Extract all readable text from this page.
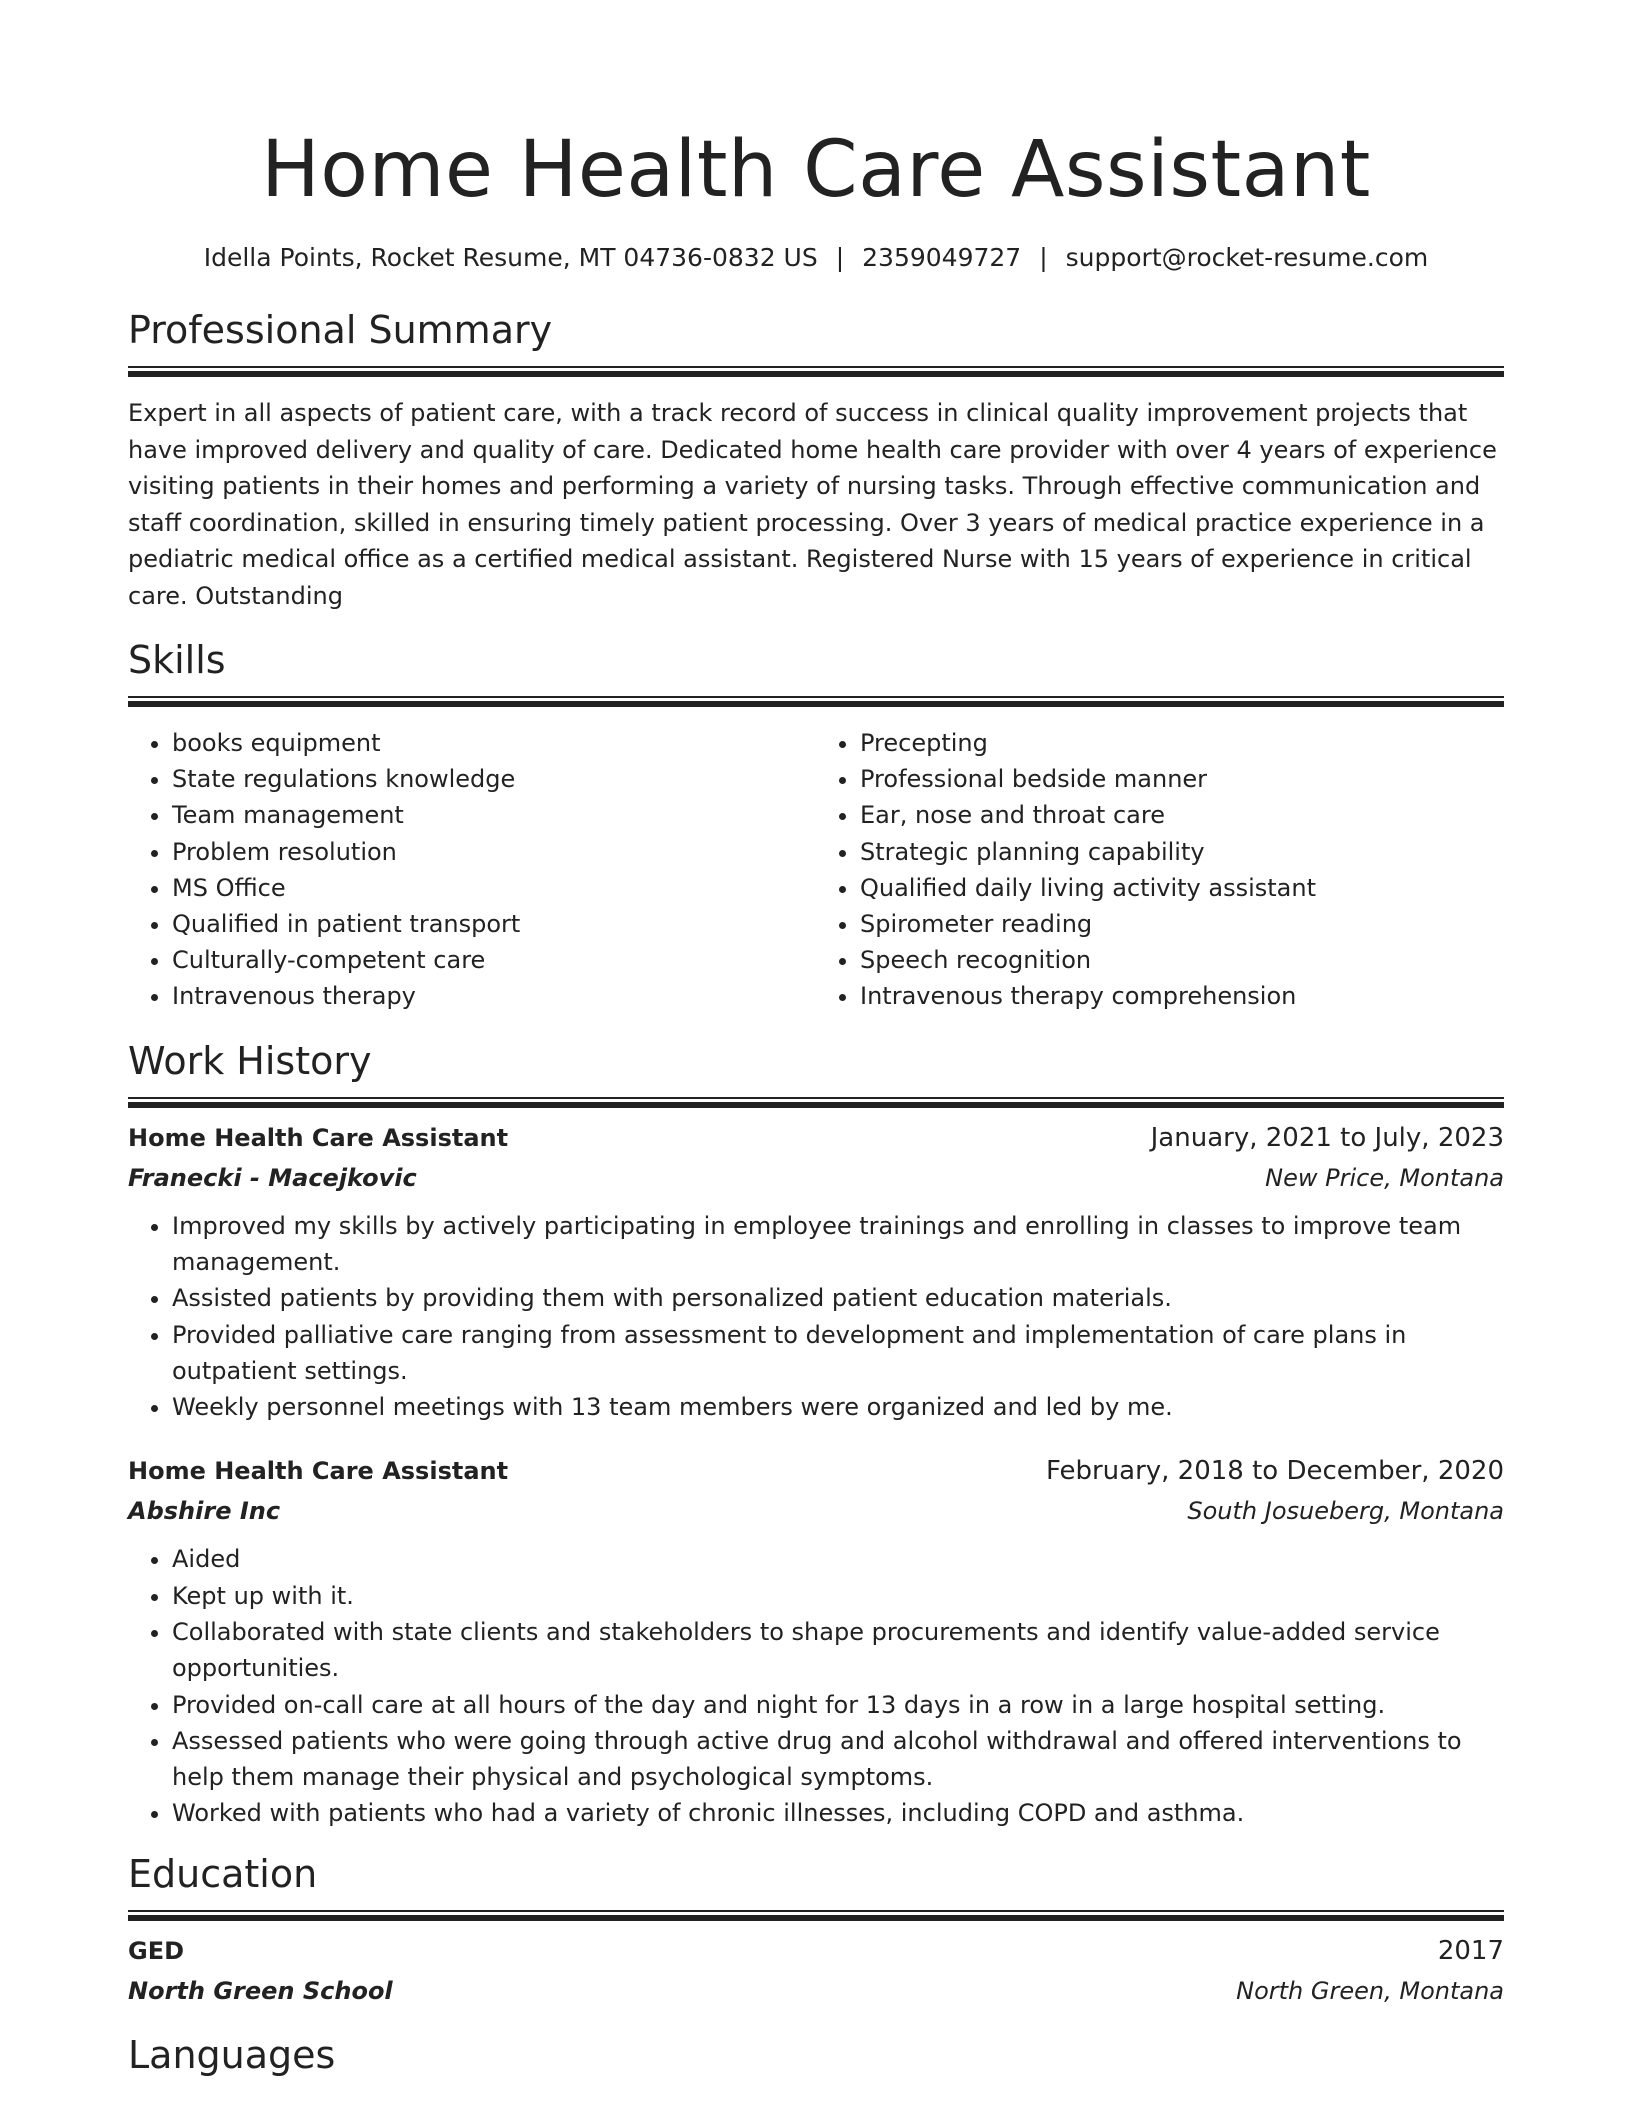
Home Health Care Assistant
Idella Points, Rocket Resume, MT 04736-0832 US | 2359049727 | support@rocket-resume.com
Professional Summary

Expert in all aspects of patient care, with a track record of success in clinical quality improvement projects that have improved delivery and quality of care. Dedicated home health care provider with over 4 years of experience visiting patients in their homes and performing a variety of nursing tasks. Through effective communication and staff coordination, skilled in ensuring timely patient processing. Over 3 years of medical practice experience in a pediatric medical office as a certified medical assistant. Registered Nurse with 15 years of experience in critical care. Outstanding

Skills
• books equipment
• State regulations knowledge
• Team management
• Problem resolution
• MS Office
• Qualified in patient transport
• Culturally-competent care
• Intravenous therapy
• Precepting
• Professional bedside manner
• Ear, nose and throat care
• Strategic planning capability
• Qualified daily living activity assistant
• Spirometer reading
• Speech recognition
• Intravenous therapy comprehension
Work History
Home Health Care Assistant	January, 2021 to July, 2023
Franecki - Macejkovic	New Price, Montana
• Improved my skills by actively participating in employee trainings and enrolling in classes to improve team management.
• Assisted patients by providing them with personalized patient education materials.
• Provided palliative care ranging from assessment to development and implementation of care plans in outpatient settings.
• Weekly personnel meetings with 13 team members were organized and led by me.
Home Health Care Assistant	February, 2018 to December, 2020
Abshire Inc	South Josueberg, Montana
• Aided
• Kept up with it.
• Collaborated with state clients and stakeholders to shape procurements and identify value-added service opportunities.
• Provided on-call care at all hours of the day and night for 13 days in a row in a large hospital setting.
• Assessed patients who were going through active drug and alcohol withdrawal and offered interventions to help them manage their physical and psychological symptoms.
• Worked with patients who had a variety of chronic illnesses, including COPD and asthma.
Education
GED	2017
North Green School	North Green, Montana
Languages
